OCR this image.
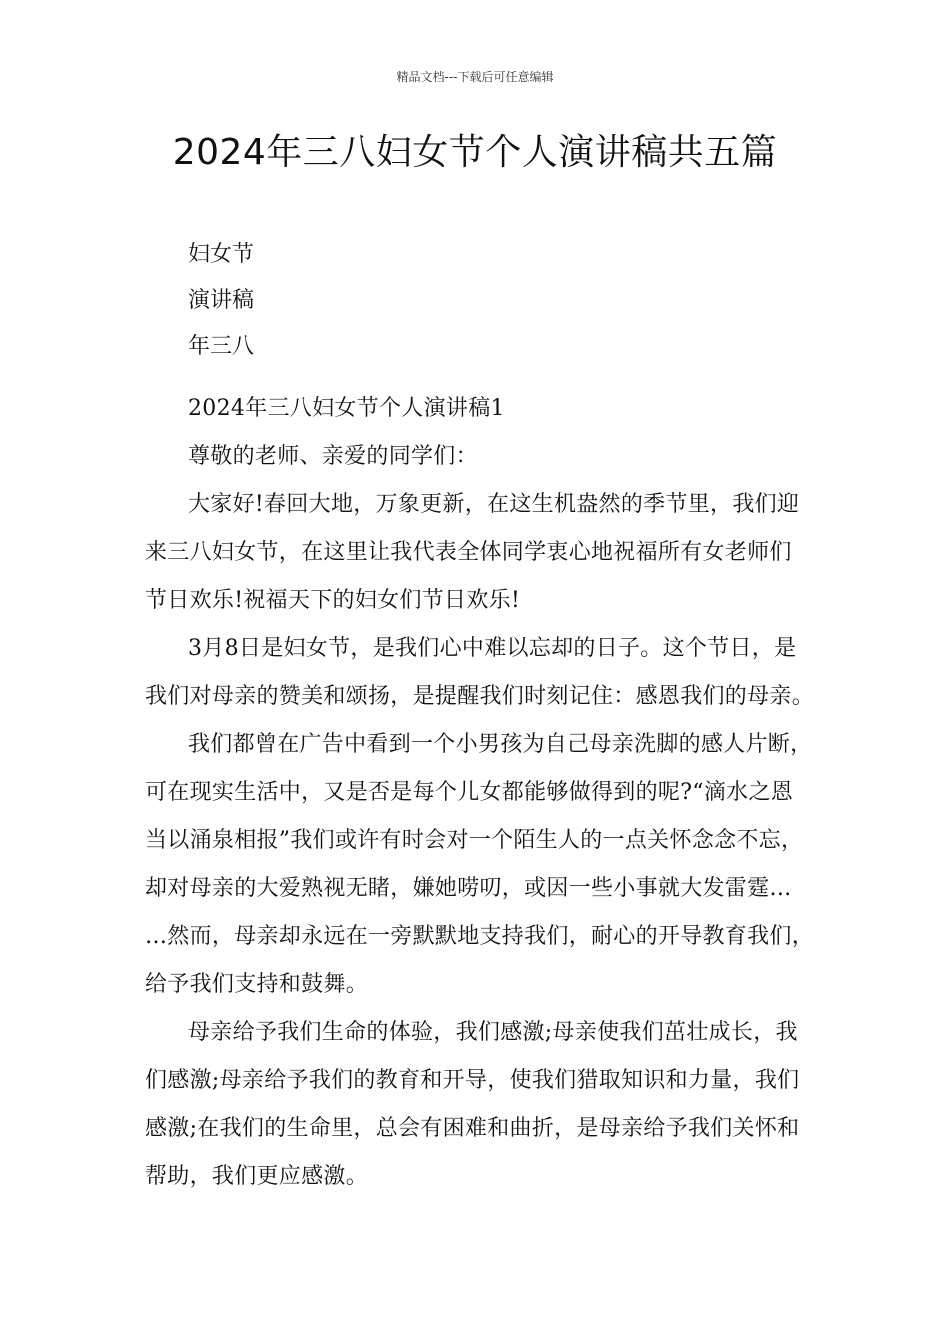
精品文档---下载后可任意编辑
2024年三八妇女节个人演讲稿共五篇
妇女节
演讲稿
年三八
2024年三八妇女节个人演讲稿1
尊敬的老师、亲爱的同学们：
大家好!春回大地，万象更新，在这生机盎然的季节里，我们迎
来三八妇女节，在这里让我代表全体同学衷心地祝福所有女老师们
节日欢乐!祝福天下的妇女们节日欢乐!
3月8日是妇女节，是我们心中难以忘却的日子。这个节日，是
我们对母亲的赞美和颂扬，是提醒我们时刻记住：感恩我们的母亲。
我们都曾在广告中看到一个小男孩为自己母亲洗脚的感人片断，
可在现实生活中，又是否是每个儿女都能够做得到的呢?“滴水之恩
当以涌泉相报”我们或许有时会对一个陌生人的一点关怀念念不忘，
却对母亲的大爱熟视无睹，嫌她唠叨，或因一些小事就大发雷霆…
…然而，母亲却永远在一旁默默地支持我们，耐心的开导教育我们，
给予我们支持和鼓舞。
母亲给予我们生命的体验，我们感激;母亲使我们茁壮成长，我
们感激;母亲给予我们的教育和开导，使我们猎取知识和力量，我们
感激;在我们的生命里，总会有困难和曲折，是母亲给予我们关怀和
帮助，我们更应感激。
